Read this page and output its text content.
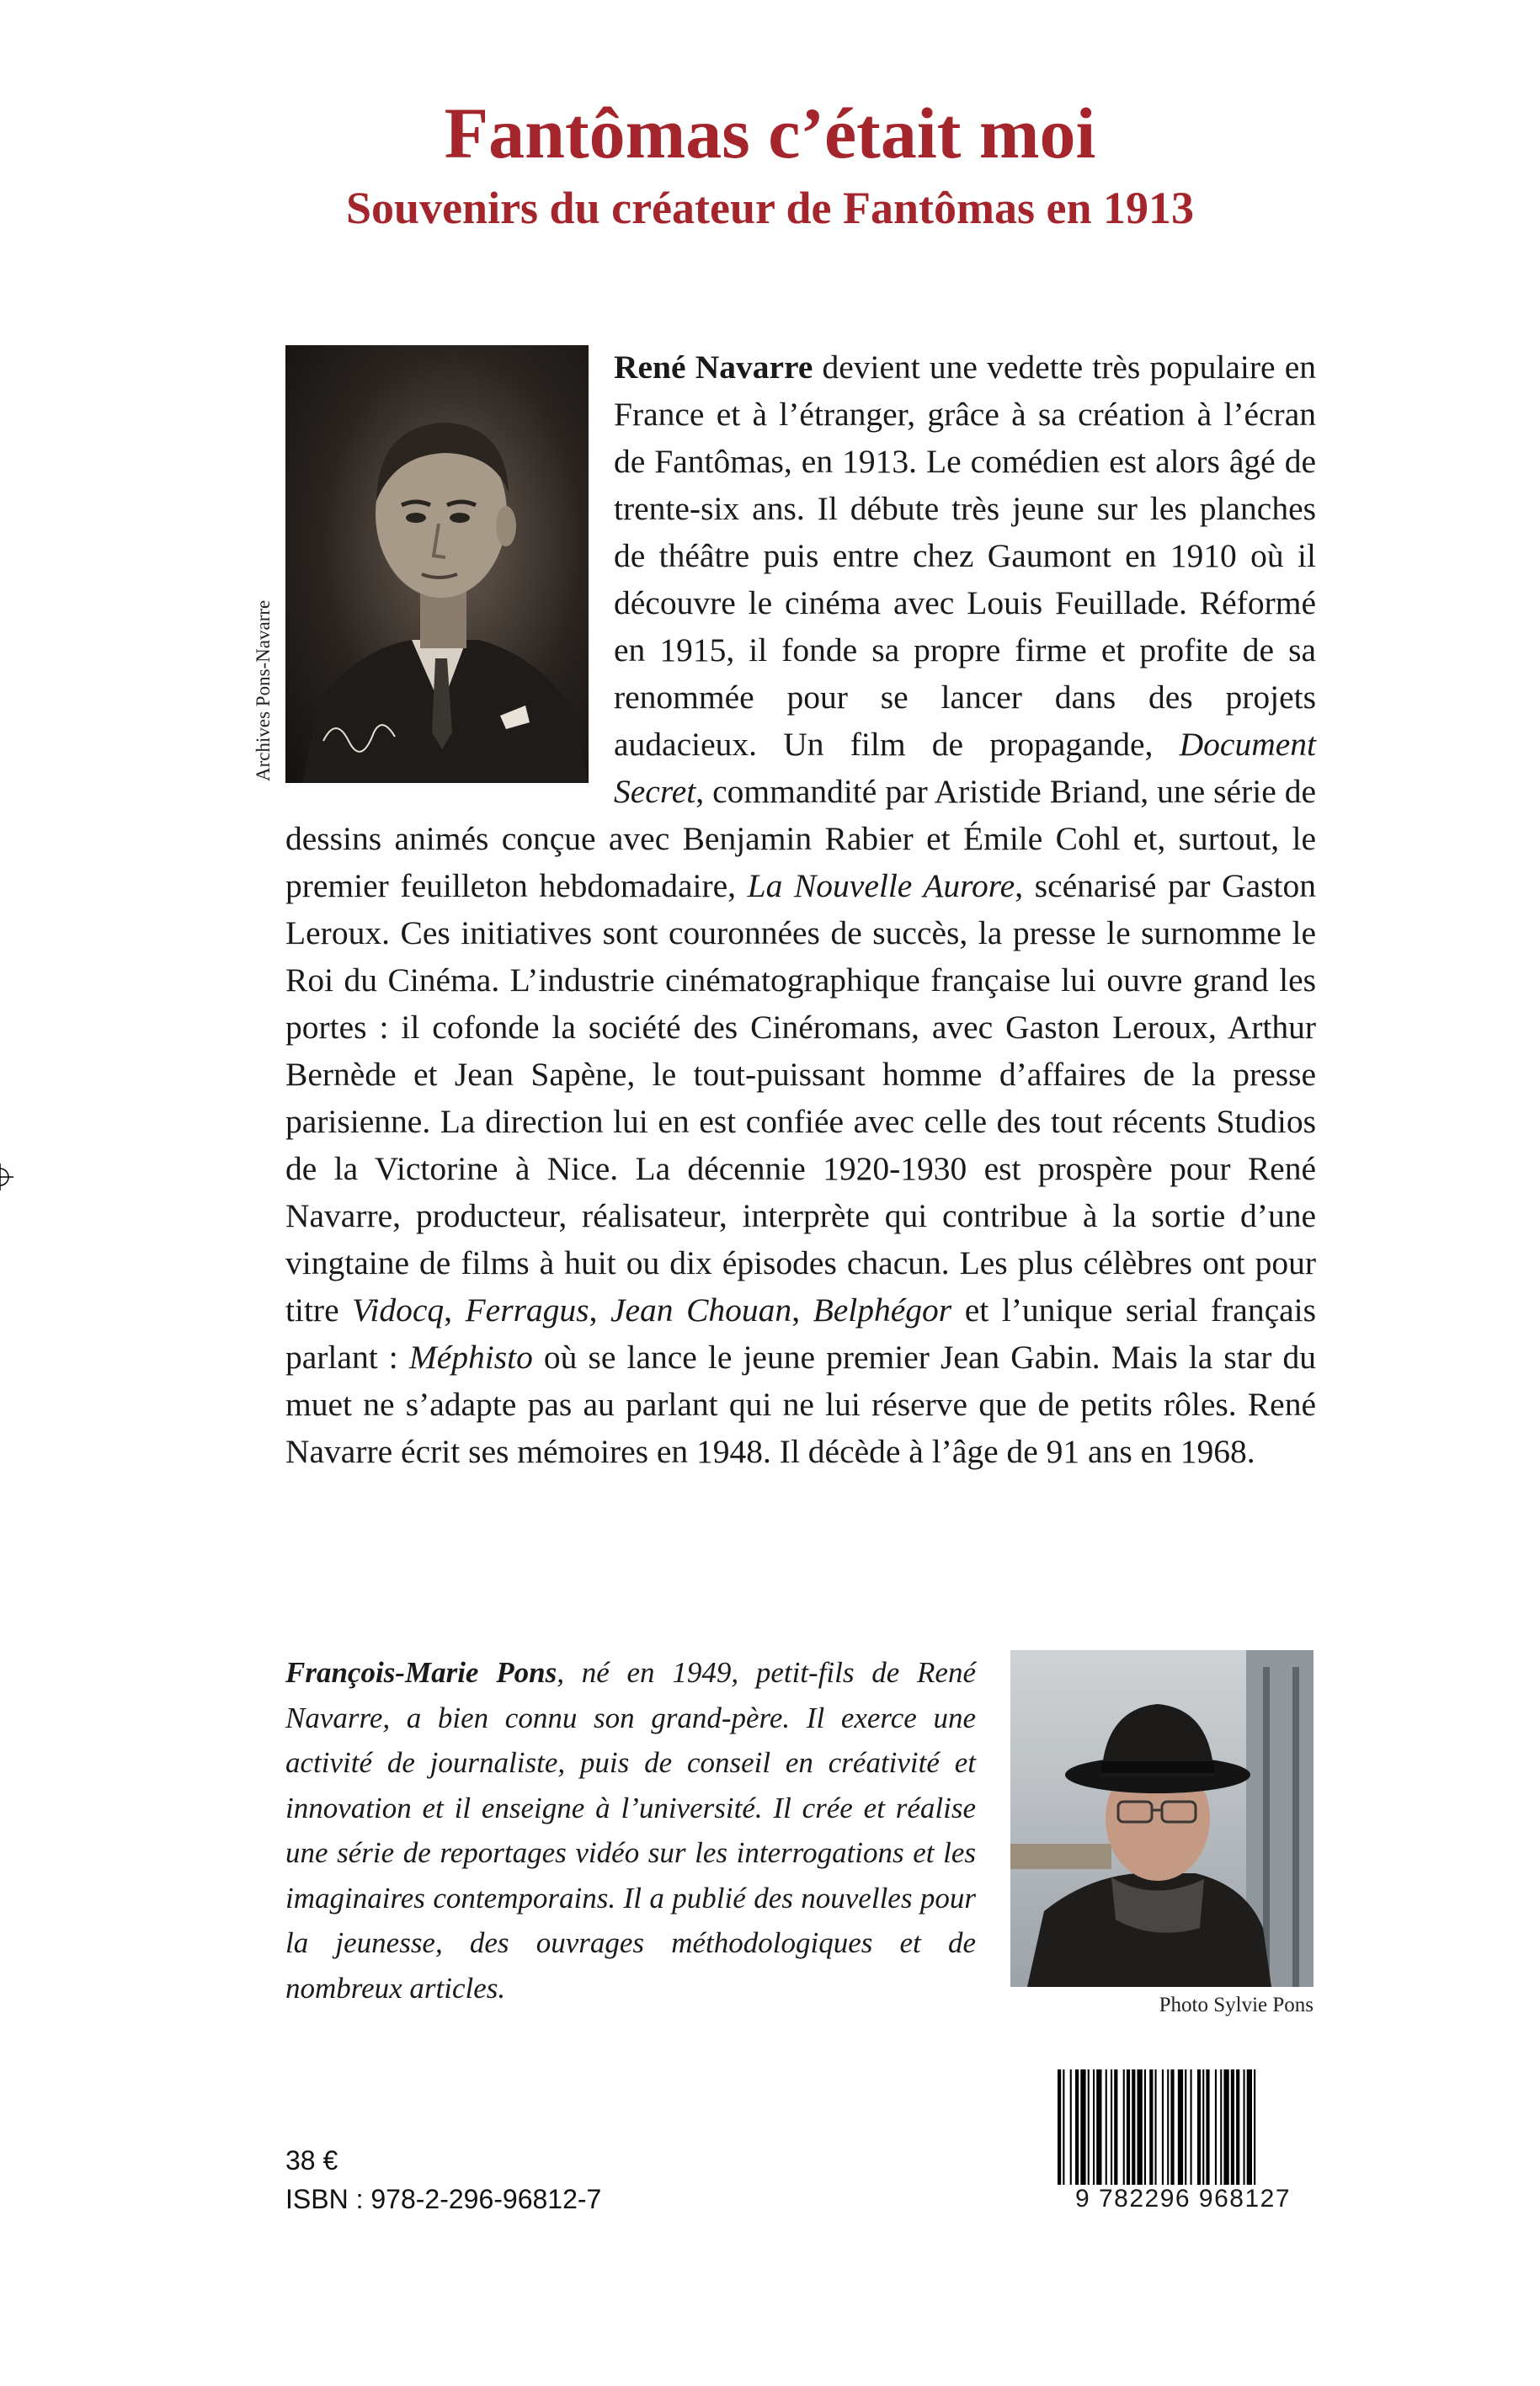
Fantômas c’était moi
Souvenirs du créateur de Fantômas en 1913
Archives Pons-Navarre
René Navarre devient une vedette très populaire en France et à l’étranger, grâce à sa création à l’écran de Fantômas, en 1913. Le comédien est alors âgé de trente-six ans. Il débute très jeune sur les planches de théâtre puis entre chez Gaumont en 1910 où il découvre le cinéma avec Louis Feuillade. Réformé en 1915, il fonde sa propre firme et profite de sa renommée pour se lancer dans des projets audacieux. Un film de propagande, Document Secret, commandité par Aristide Briand, une série de dessins animés conçue avec Benjamin Rabier et Émile Cohl et, surtout, le premier feuilleton hebdomadaire, La Nouvelle Aurore, scénarisé par Gaston Leroux. Ces initiatives sont couronnées de succès, la presse le surnomme le Roi du Cinéma. L’industrie cinématographique française lui ouvre grand les portes : il cofonde la société des Cinéromans, avec Gaston Leroux, Arthur Bernède et Jean Sapène, le tout-puissant homme d’affaires de la presse parisienne. La direction lui en est confiée avec celle des tout récents Studios de la Victorine à Nice. La décennie 1920-1930 est prospère pour René Navarre, producteur, réalisateur, interprète qui contribue à la sortie d’une vingtaine de films à huit ou dix épisodes chacun. Les plus célèbres ont pour titre Vidocq, Ferragus, Jean Chouan, Belphégor et l’unique serial français parlant : Méphisto où se lance le jeune premier Jean Gabin. Mais la star du muet ne s’adapte pas au parlant qui ne lui réserve que de petits rôles. René Navarre écrit ses mémoires en 1948. Il décède à l’âge de 91 ans en 1968.
François-Marie Pons, né en 1949, petit-fils de René Navarre, a bien connu son grand-père. Il exerce une activité de journaliste, puis de conseil en créativité et innovation et il enseigne à l’université. Il crée et réalise une série de reportages vidéo sur les interrogations et les imaginaires contemporains. Il a publié des nouvelles pour la jeunesse, des ouvrages méthodologiques et de nombreux articles.
Photo Sylvie Pons
38 €
ISBN : 978-2-296-96812-7	9 782296 968127
